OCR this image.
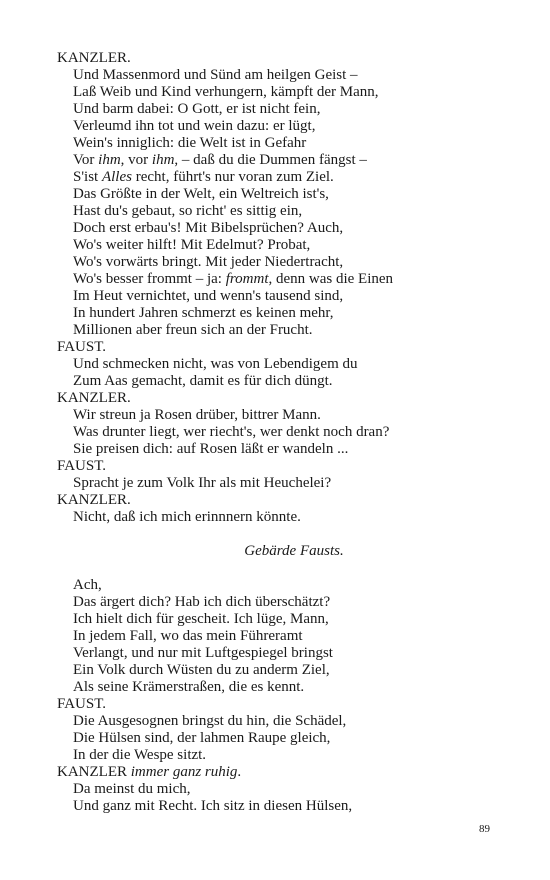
KANZLER.
Und Massenmord und Sünd am heilgen Geist –
Laß Weib und Kind verhungern, kämpft der Mann,
Und barm dabei: O Gott, er ist nicht fein,
Verleumd ihn tot und wein dazu: er lügt,
Wein's inniglich: die Welt ist in Gefahr
Vor ihm, vor ihm, – daß du die Dummen fängst –
S'ist Alles recht, führt's nur voran zum Ziel.
Das Größte in der Welt, ein Weltreich ist's,
Hast du's gebaut, so richt' es sittig ein,
Doch erst erbau's! Mit Bibelsprüchen? Auch,
Wo's weiter hilft! Mit Edelmut? Probat,
Wo's vorwärts bringt. Mit jeder Niedertracht,
Wo's besser frommt – ja: frommt, denn was die Einen
Im Heut vernichtet, und wenn's tausend sind,
In hundert Jahren schmerzt es keinen mehr,
Millionen aber freun sich an der Frucht.
FAUST.
Und schmecken nicht, was von Lebendigem du
Zum Aas gemacht, damit es für dich düngt.
KANZLER.
Wir streun ja Rosen drüber, bittrer Mann.
Was drunter liegt, wer riecht's, wer denkt noch dran?
Sie preisen dich: auf Rosen läßt er wandeln ...
FAUST.
Spracht je zum Volk Ihr als mit Heuchelei?
KANZLER.
Nicht, daß ich mich erinnnern könnte.
Gebärde Fausts.
Ach,
Das ärgert dich? Hab ich dich überschätzt?
Ich hielt dich für gescheit. Ich lüge, Mann,
In jedem Fall, wo das mein Führeramt
Verlangt, und nur mit Luftgespiegel bringst
Ein Volk durch Wüsten du zu anderm Ziel,
Als seine Krämerstraßen, die es kennt.
FAUST.
Die Ausgesognen bringst du hin, die Schädel,
Die Hülsen sind, der lahmen Raupe gleich,
In der die Wespe sitzt.
KANZLER immer ganz ruhig.
Da meinst du mich,
Und ganz mit Recht. Ich sitz in diesen Hülsen,
89
